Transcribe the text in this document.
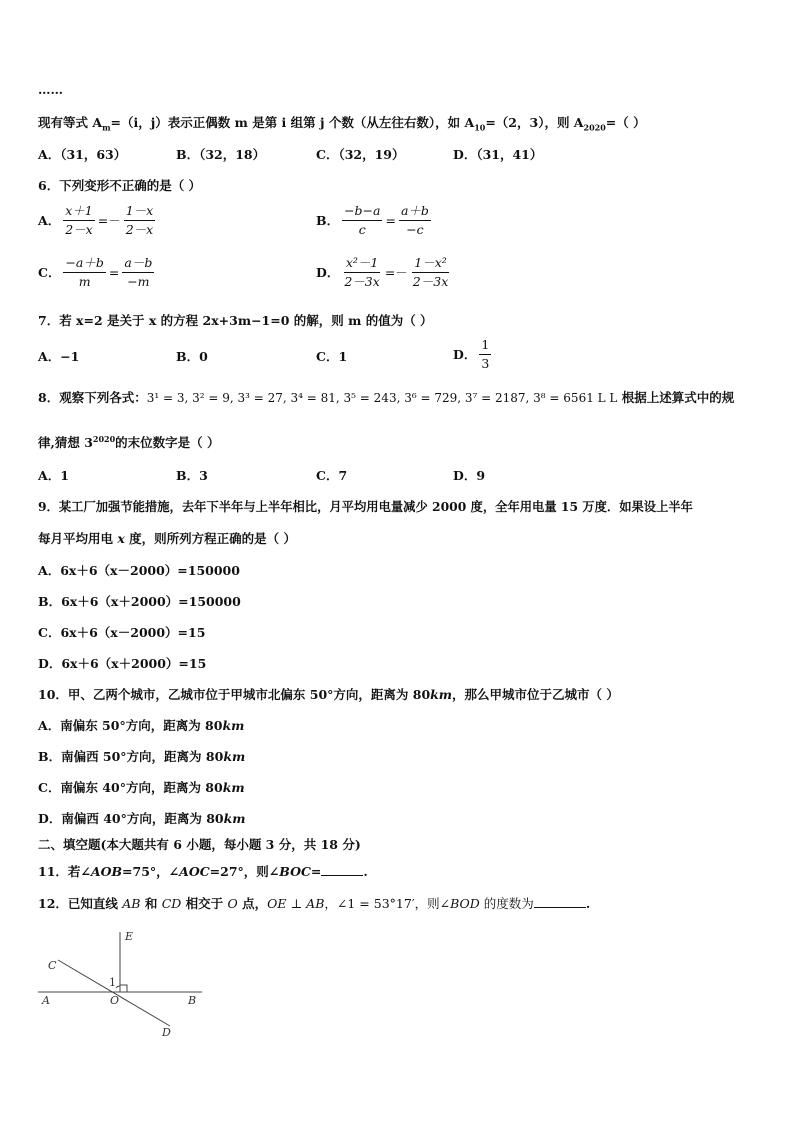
……
现有等式 $A_m=(i$，j）表示正偶数 m 是第 i 组第 j 个数（从左往右数），如 $A_{10}=(2$，3），则 $A_{2020}=$（ ）
A．（31，63）	B．（32，18）	C．（32，19）	D．（31，41）
6．下列变形不正确的是（ ）
A． $\frac{x+1}{2-x} =- \frac{1-x}{2-x}$	B． $\frac{-b-a}{c} = \frac{a+b}{-c}$
C． $\frac{-a+b}{m} = \frac{a-b}{-m}$	D． $\frac{\text{x²－1}}{2-3x} =- \frac{\text{1－x²}}{2-3x}$
7．若 x=2 是关于 x 的方程 2x+3m−1=0 的解，则 m 的值为（ ）
A．−1	B．0	C．1	D． $\frac{1}{3}$
8．观察下列各式：3¹ = 3, 3² = 9, 3³ = 27, 3⁴ = 81, 3⁵ = 243, 3⁶ = 729, 3⁷ = 2187, 3⁸ = 6561 L L 根据上述算式中的规
律,猜想 $3^{2020}$的末位数字是（ ）
A．1	B．3	C．7	D．9
9．某工厂加强节能措施，去年下半年与上半年相比，月平均用电量减少 2000 度，全年用电量 15 万度．如果设上半年
每月平均用电 x 度，则所列方程正确的是（ ）
A．6x＋6（x－2000）=150000
B．6x＋6（x＋2000）=150000
C．6x＋6（x－2000）=15
D．6x＋6（x＋2000）=15
10．甲、乙两个城市，乙城市位于甲城市北偏东 50°方向，距离为 80km，那么甲城市位于乙城市（ ）
A．南偏东 50°方向，距离为 80km
B．南偏西 50°方向，距离为 80km
C．南偏东 40°方向，距离为 80km
D．南偏西 40°方向，距离为 80km
二、填空题(本大题共有 6 小题，每小题 3 分，共 18 分)
11．若∠AOB=75°，∠AOC=27°，则∠BOC=	.
12．已知直线 AB 和 CD 相交于 O 点，OE ⊥ AB，∠1 = 53°17′，则∠BOD 的度数为	.
E
C
1
A	O	B
D
